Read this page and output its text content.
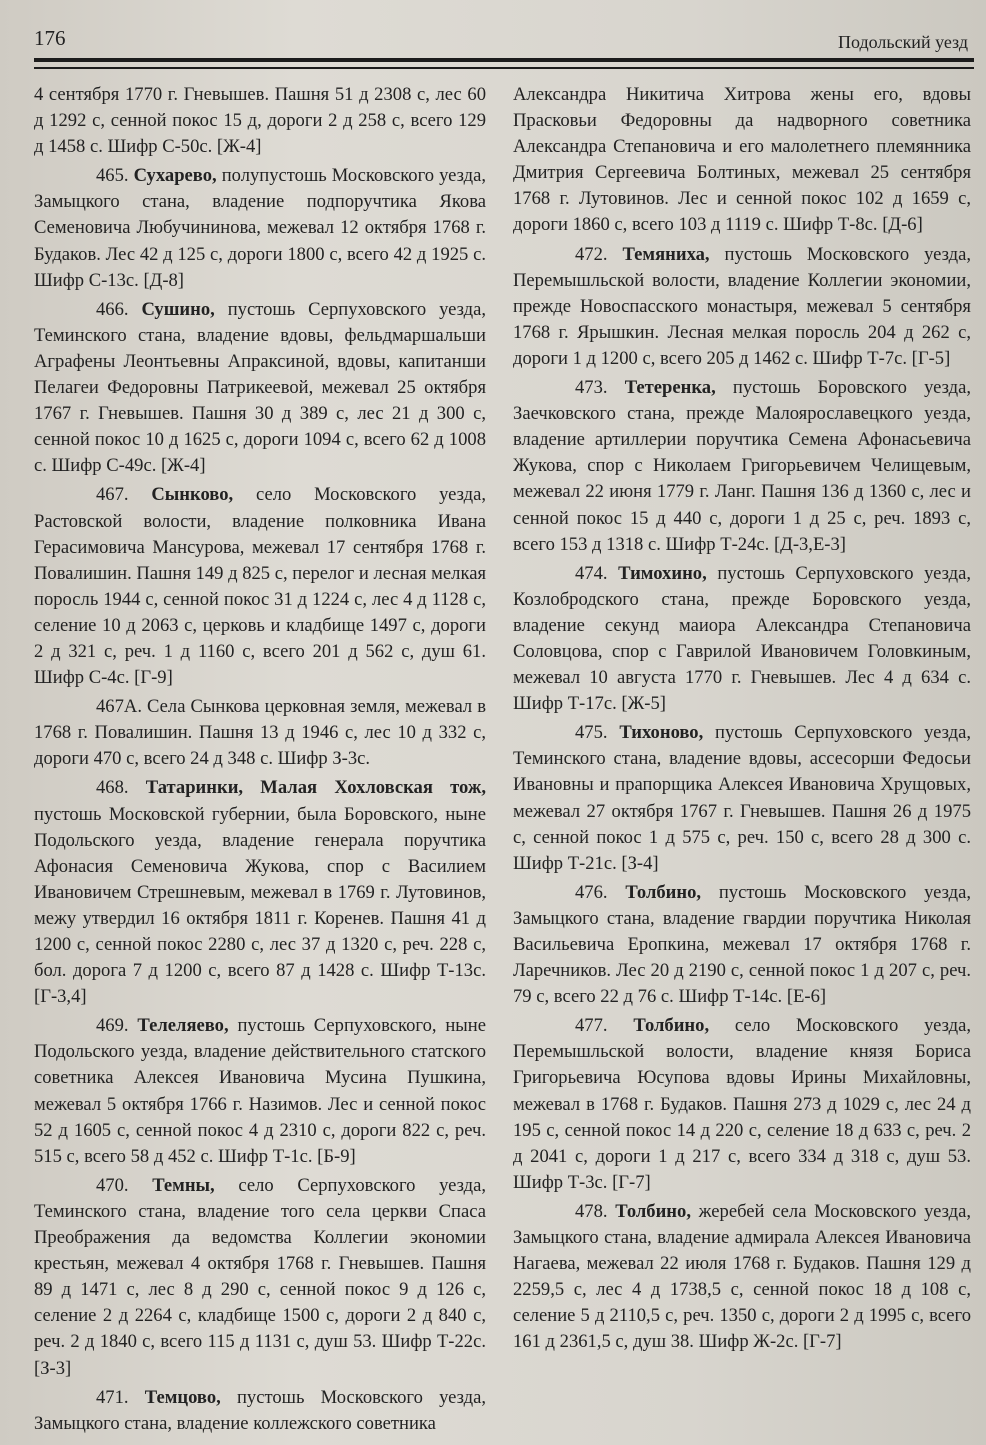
176	Подольский уезд

4 сентября 1770 г. Гневышев. Пашня 51 д 2308 с, лес 60 д 1292 с, сенной покос 15 д, дороги 2 д 258 с, всего 129 д 1458 с. Шифр С-50с. [Ж-4]

465. Сухарево, полупустошь Московского уезда, Замыцкого стана, владение подпоручтика Якова Семеновича Любучининова, межевал 12 октября 1768 г. Будаков. Лес 42 д 125 с, дороги 1800 с, всего 42 д 1925 с. Шифр С-13с. [Д-8]

466. Сушино, пустошь Серпуховского уезда, Теминского стана, владение вдовы, фельдмаршальши Аграфены Леонтьевны Апраксиной, вдовы, капитанши Пелагеи Федоровны Патрикеевой, межевал 25 октября 1767 г. Гневышев. Пашня 30 д 389 с, лес 21 д 300 с, сенной покос 10 д 1625 с, дороги 1094 с, всего 62 д 1008 с. Шифр С-49с. [Ж-4]

467. Сынково, село Московского уезда, Растовской волости, владение полковника Ивана Герасимовича Мансурова, межевал 17 сентября 1768 г. Повалишин. Пашня 149 д 825 с, перелог и лесная мелкая поросль 1944 с, сенной покос 31 д 1224 с, лес 4 д 1128 с, селение 10 д 2063 с, церковь и кладбище 1497 с, дороги 2 д 321 с, реч. 1 д 1160 с, всего 201 д 562 с, душ 61. Шифр С-4с. [Г-9]

467А. Села Сынкова церковная земля, межевал в 1768 г. Повалишин. Пашня 13 д 1946 с, лес 10 д 332 с, дороги 470 с, всего 24 д 348 с. Шифр З-3с.

468. Татаринки, Малая Хохловская тож, пустошь Московской губернии, была Боровского, ныне Подольского уезда, владение генерала поручтика Афонасия Семеновича Жукова, спор с Василием Ивановичем Стрешневым, межевал в 1769 г. Лутовинов, межу утвердил 16 октября 1811 г. Коренев. Пашня 41 д 1200 с, сенной покос 2280 с, лес 37 д 1320 с, реч. 228 с, бол. дорога 7 д 1200 с, всего 87 д 1428 с. Шифр Т-13с. [Г-3,4]

469. Телеляево, пустошь Серпуховского, ныне Подольского уезда, владение действительного статского советника Алексея Ивановича Мусина Пушкина, межевал 5 октября 1766 г. Назимов. Лес и сенной покос 52 д 1605 с, сенной покос 4 д 2310 с, дороги 822 с, реч. 515 с, всего 58 д 452 с. Шифр Т-1с. [Б-9]

470. Темны, село Серпуховского уезда, Теминского стана, владение того села церкви Спаса Преображения да ведомства Коллегии экономии крестьян, межевал 4 октября 1768 г. Гневышев. Пашня 89 д 1471 с, лес 8 д 290 с, сенной покос 9 д 126 с, селение 2 д 2264 с, кладбище 1500 с, дороги 2 д 840 с, реч. 2 д 1840 с, всего 115 д 1131 с, душ 53. Шифр Т-22с. [З-3]

471. Темцово, пустошь Московского уезда, Замыцкого стана, владение коллежского советника

Александра Никитича Хитрова жены его, вдовы Прасковьи Федоровны да надворного советника Александра Степановича и его малолетнего племянника Дмитрия Сергеевича Болтиных, межевал 25 сентября 1768 г. Лутовинов. Лес и сенной покос 102 д 1659 с, дороги 1860 с, всего 103 д 1119 с. Шифр Т-8с. [Д-6]

472. Темяниха, пустошь Московского уезда, Перемышльской волости, владение Коллегии экономии, прежде Новоспасского монастыря, межевал 5 сентября 1768 г. Ярышкин. Лесная мелкая поросль 204 д 262 с, дороги 1 д 1200 с, всего 205 д 1462 с. Шифр Т-7с. [Г-5]

473. Тетеренка, пустошь Боровского уезда, Заечковского стана, прежде Малоярославецкого уезда, владение артиллерии поручтика Семена Афонасьевича Жукова, спор с Николаем Григорьевичем Челищевым, межевал 22 июня 1779 г. Ланг. Пашня 136 д 1360 с, лес и сенной покос 15 д 440 с, дороги 1 д 25 с, реч. 1893 с, всего 153 д 1318 с. Шифр Т-24с. [Д-3,Е-3]

474. Тимохино, пустошь Серпуховского уезда, Козлобродского стана, прежде Боровского уезда, владение секунд маиора Александра Степановича Соловцова, спор с Гаврилой Ивановичем Головкиным, межевал 10 августа 1770 г. Гневышев. Лес 4 д 634 с. Шифр Т-17с. [Ж-5]

475. Тихоново, пустошь Серпуховского уезда, Теминского стана, владение вдовы, ассесорши Федосьи Ивановны и прапорщика Алексея Ивановича Хрущовых, межевал 27 октября 1767 г. Гневышев. Пашня 26 д 1975 с, сенной покос 1 д 575 с, реч. 150 с, всего 28 д 300 с. Шифр Т-21с. [З-4]

476. Толбино, пустошь Московского уезда, Замыцкого стана, владение гвардии поручтика Николая Васильевича Еропкина, межевал 17 октября 1768 г. Ларечников. Лес 20 д 2190 с, сенной покос 1 д 207 с, реч. 79 с, всего 22 д 76 с. Шифр Т-14с. [Е-6]

477. Толбино, село Московского уезда, Перемышльской волости, владение князя Бориса Григорьевича Юсупова вдовы Ирины Михайловны, межевал в 1768 г. Будаков. Пашня 273 д 1029 с, лес 24 д 195 с, сенной покос 14 д 220 с, селение 18 д 633 с, реч. 2 д 2041 с, дороги 1 д 217 с, всего 334 д 318 с, душ 53. Шифр Т-3с. [Г-7]

478. Толбино, жеребей села Московского уезда, Замыцкого стана, владение адмирала Алексея Ивановича Нагаева, межевал 22 июля 1768 г. Будаков. Пашня 129 д 2259,5 с, лес 4 д 1738,5 с, сенной покос 18 д 108 с, селение 5 д 2110,5 с, реч. 1350 с, дороги 2 д 1995 с, всего 161 д 2361,5 с, душ 38. Шифр Ж-2с. [Г-7]
